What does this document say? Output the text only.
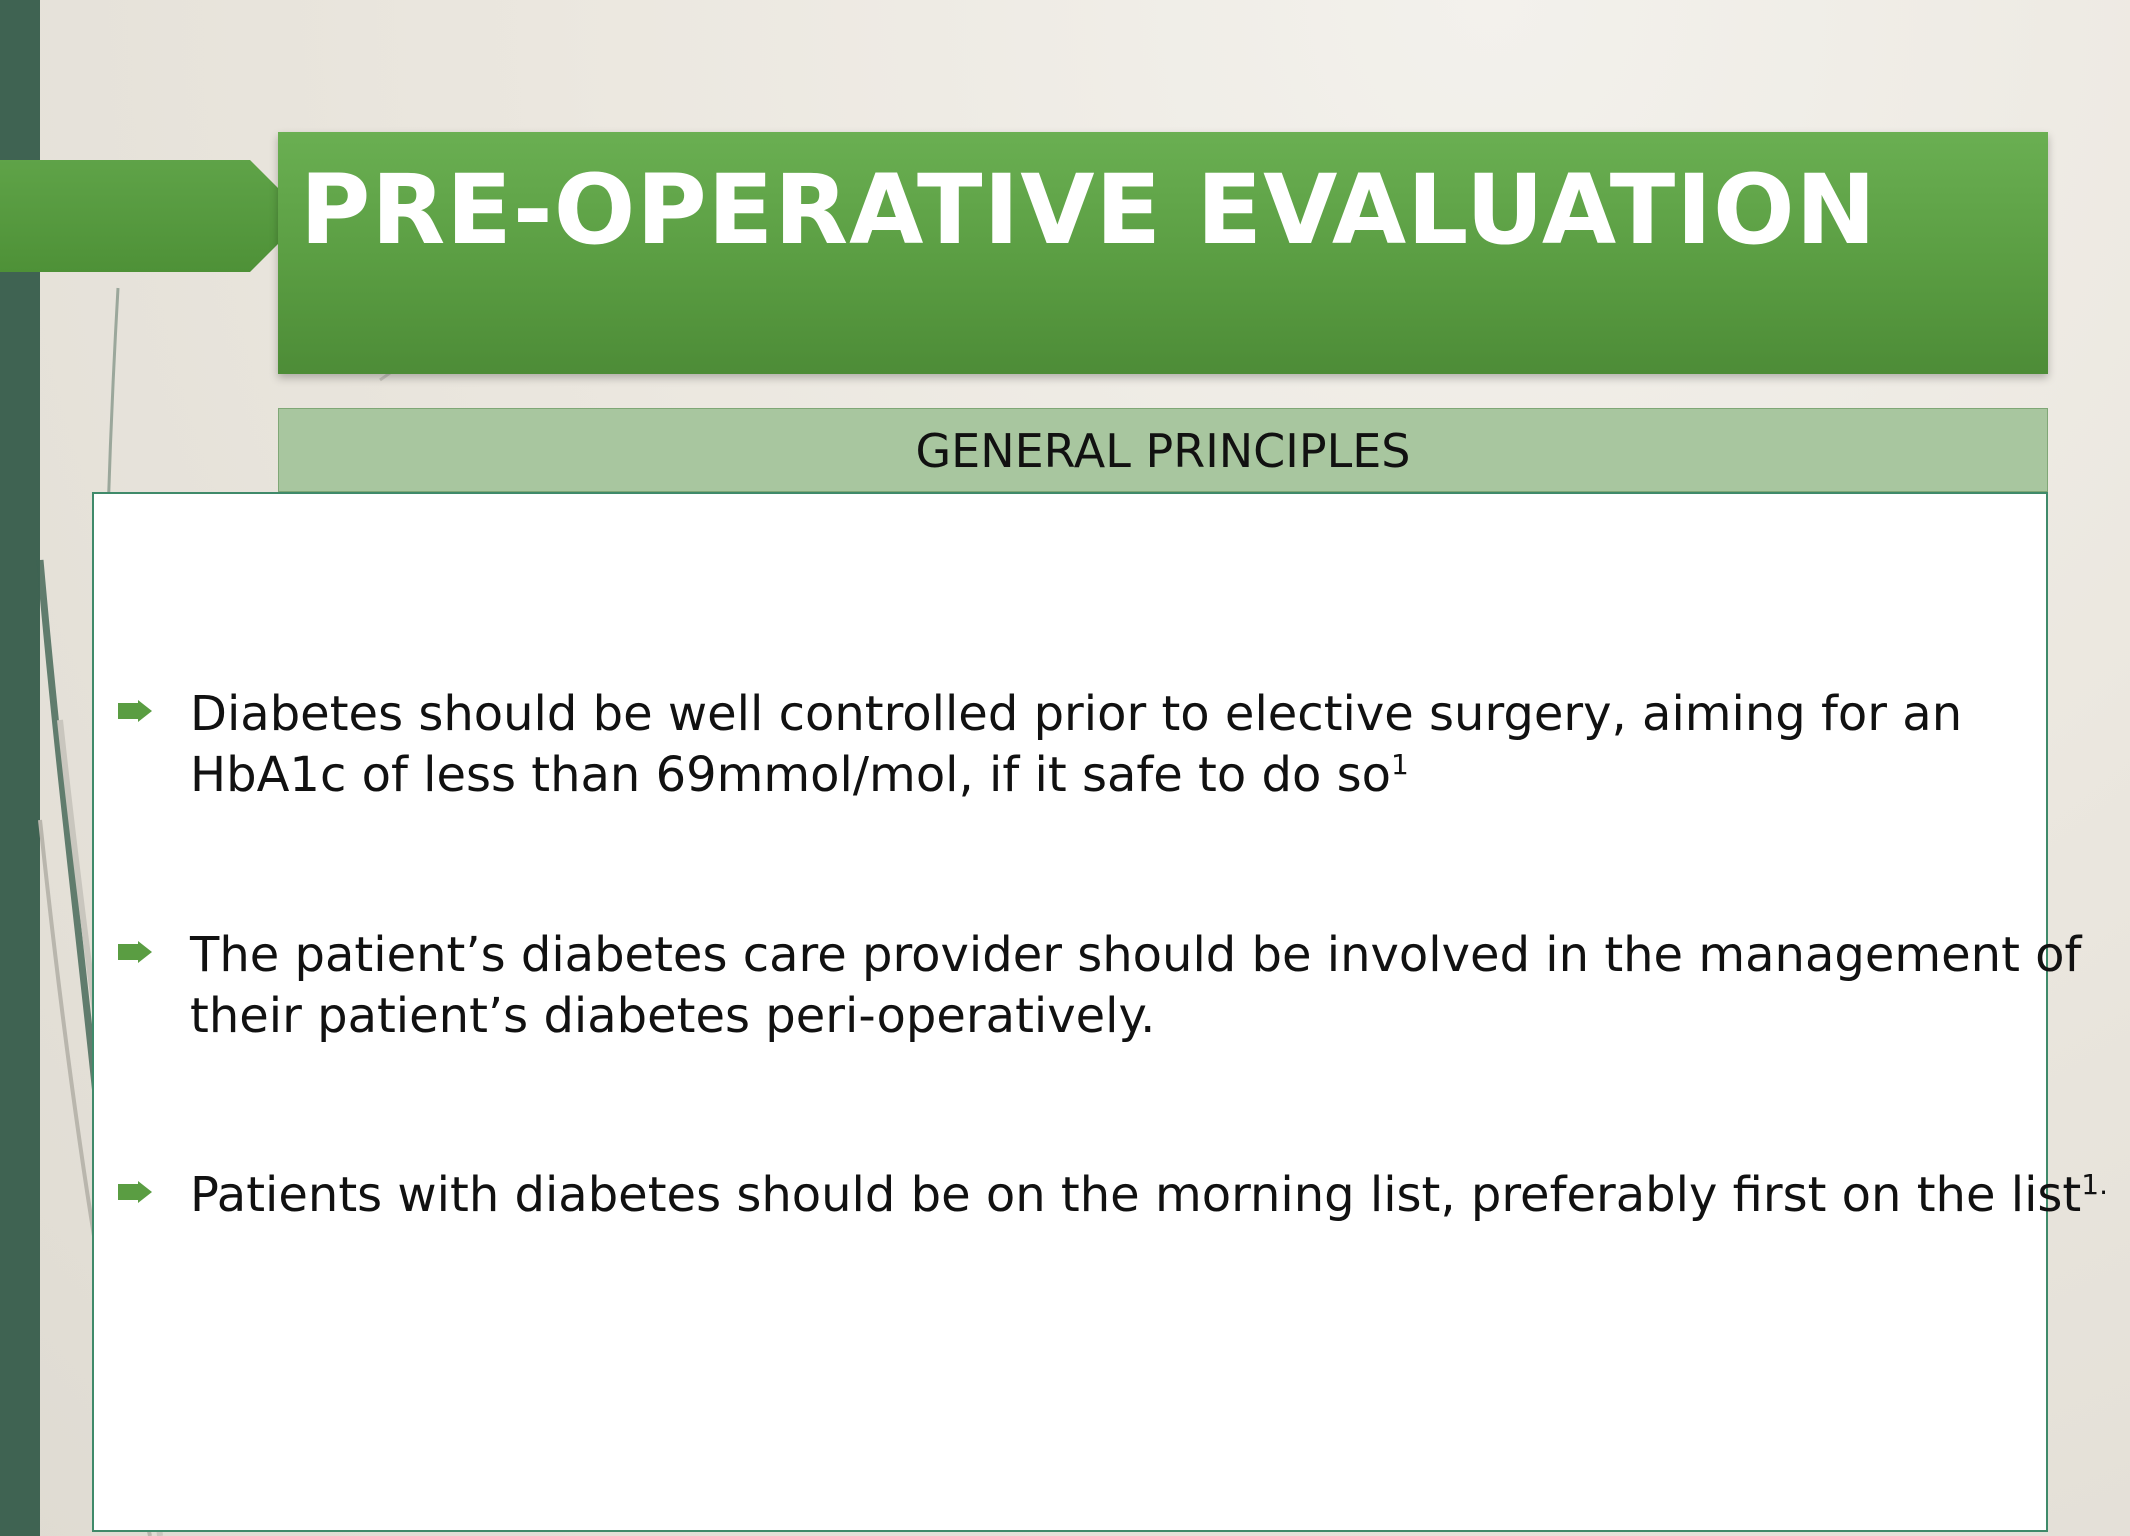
PRE-OPERATIVE EVALUATION
GENERAL PRINCIPLES

Diabetes should be well controlled prior to elective surgery, aiming for an HbA1c of less than 69mmol/mol, if it safe to do $so^1$

The patient’s diabetes care provider should be involved in the management of their patient’s diabetes peri-operatively.

Patients with diabetes should be on the morning list, preferably first on the list$^{1.}$
